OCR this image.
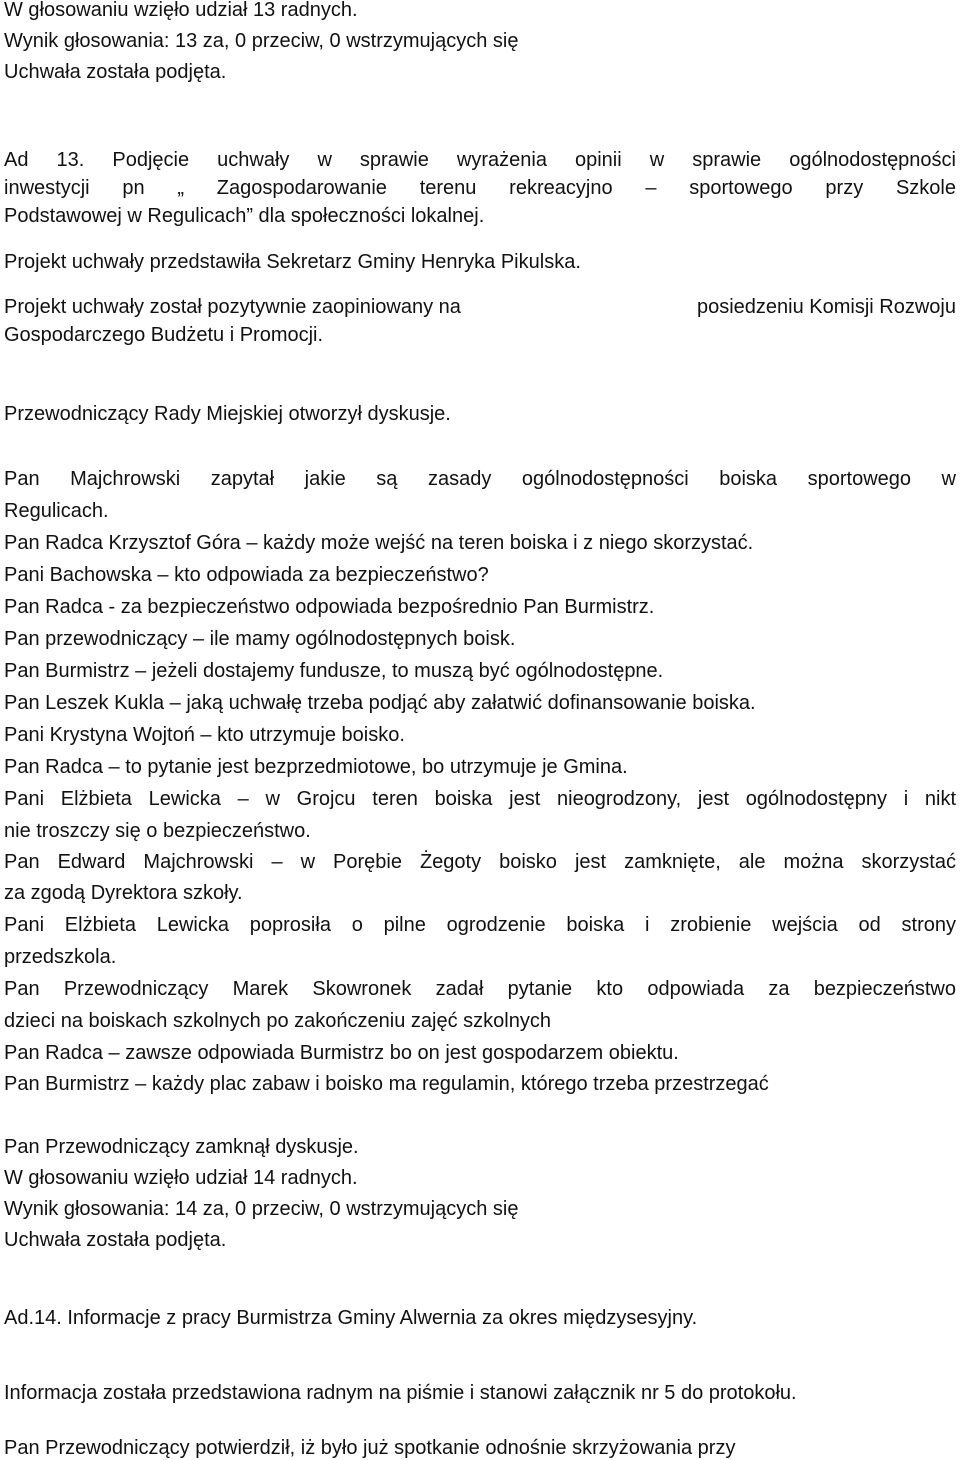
W głosowaniu wzięło udział 13 radnych.
Wynik głosowania: 13 za, 0 przeciw, 0 wstrzymujących się
Uchwała została podjęta.
Ad 13. Podjęcie uchwały w sprawie wyrażenia opinii w sprawie ogólnodostępności
inwestycji pn „ Zagospodarowanie terenu rekreacyjno – sportowego przy Szkole
Podstawowej w Regulicach” dla społeczności lokalnej.
Projekt uchwały przedstawiła Sekretarz Gminy Henryka Pikulska.
Projekt uchwały został pozytywnie zaopiniowany na	posiedzeniu Komisji Rozwoju
Gospodarczego Budżetu i Promocji.
Przewodniczący Rady Miejskiej otworzył dyskusje.
Pan Majchrowski zapytał jakie są zasady ogólnodostępności boiska sportowego w
Regulicach.
Pan Radca Krzysztof Góra – każdy może wejść na teren boiska i z niego skorzystać.
Pani Bachowska – kto odpowiada za bezpieczeństwo?
Pan Radca - za bezpieczeństwo odpowiada bezpośrednio Pan Burmistrz.
Pan przewodniczący – ile mamy ogólnodostępnych boisk.
Pan Burmistrz – jeżeli dostajemy fundusze, to muszą być ogólnodostępne.
Pan Leszek Kukla – jaką uchwałę trzeba podjąć aby załatwić dofinansowanie boiska.
Pani Krystyna Wojtoń – kto utrzymuje boisko.
Pan Radca – to pytanie jest bezprzedmiotowe, bo utrzymuje je Gmina.
Pani Elżbieta Lewicka – w Grojcu teren boiska jest nieogrodzony, jest ogólnodostępny i nikt
nie troszczy się o bezpieczeństwo.
Pan Edward Majchrowski – w Porębie Żegoty boisko jest zamknięte, ale można skorzystać
za zgodą Dyrektora szkoły.
Pani Elżbieta Lewicka poprosiła o pilne ogrodzenie boiska i zrobienie wejścia od strony
przedszkola.
Pan Przewodniczący Marek Skowronek zadał pytanie kto odpowiada za bezpieczeństwo
dzieci na boiskach szkolnych po zakończeniu zajęć szkolnych
Pan Radca – zawsze odpowiada Burmistrz bo on jest gospodarzem obiektu.
Pan Burmistrz – każdy plac zabaw i boisko ma regulamin, którego trzeba przestrzegać
Pan Przewodniczący zamknął dyskusje.
W głosowaniu wzięło udział 14 radnych.
Wynik głosowania: 14 za, 0 przeciw, 0 wstrzymujących się
Uchwała została podjęta.
Ad.14. Informacje z pracy Burmistrza Gminy Alwernia za okres międzysesyjny.
Informacja została przedstawiona radnym na piśmie i stanowi załącznik nr 5 do protokołu.
Pan Przewodniczący potwierdził, iż było już spotkanie odnośnie skrzyżowania przy
